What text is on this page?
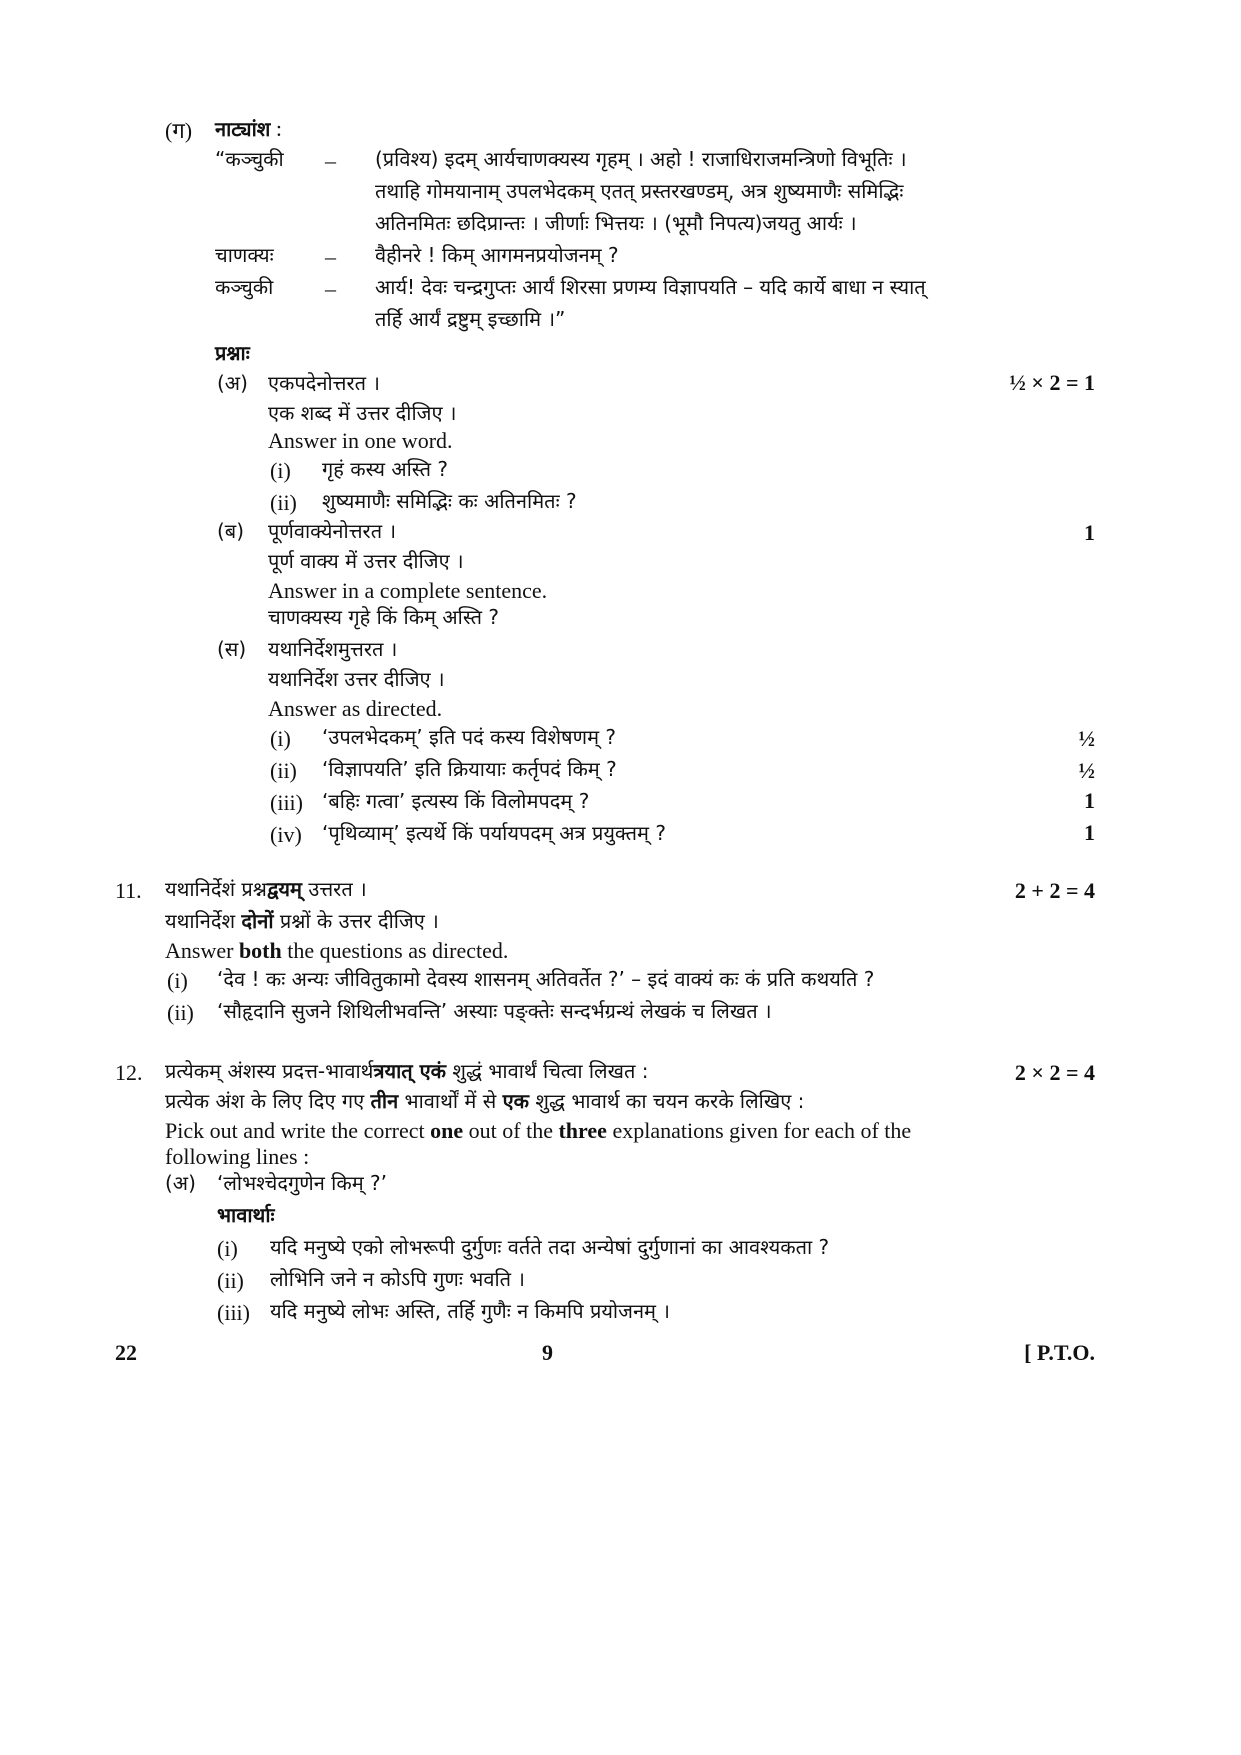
(ग) नाट्यांश :
“कञ्चुकी – (प्रविश्य) इदम् आर्यचाणक्यस्य गृहम् । अहो ! राजाधिराजमन्त्रिणो विभूतिः ।
तथाहि गोमयानाम् उपलभेदकम् एतत् प्रस्तरखण्डम्, अत्र शुष्यमाणैः समिद्भिः
अतिनमितः छदिप्रान्तः । जीर्णाः भित्तयः । (भूमौ निपत्य)जयतु आर्यः ।
चाणक्यः – वैहीनरे ! किम् आगमनप्रयोजनम् ?
कञ्चुकी – आर्य! देवः चन्द्रगुप्तः आर्यं शिरसा प्रणम्य विज्ञापयति – यदि कार्ये बाधा न स्यात्
तर्हि आर्यं द्रष्टुम् इच्छामि ।”
प्रश्नाः
(अ) एकपदेनोत्तरत ।	½ × 2 = 1
एक शब्द में उत्तर दीजिए ।
Answer in one word.
(i) गृहं कस्य अस्ति ?
(ii) शुष्यमाणैः समिद्भिः कः अतिनमितः ?
(ब) पूर्णवाक्येनोत्तरत ।	1
पूर्ण वाक्य में उत्तर दीजिए ।
Answer in a complete sentence.
चाणक्यस्य गृहे किं किम् अस्ति ?
(स) यथानिर्देशमुत्तरत ।
यथानिर्देश उत्तर दीजिए ।
Answer as directed.
(i) ‘उपलभेदकम्’ इति पदं कस्य विशेषणम् ?	½
(ii) ‘विज्ञापयति’ इति क्रियायाः कर्तृपदं किम् ?	½
(iii) ‘बहिः गत्वा’ इत्यस्य किं विलोमपदम् ?	1
(iv) ‘पृथिव्याम्’ इत्यर्थे किं पर्यायपदम् अत्र प्रयुक्तम् ?	1
11. यथानिर्देशं प्रश्नद्वयम् उत्तरत ।	2 + 2 = 4
यथानिर्देश दोनों प्रश्नों के उत्तर दीजिए ।
Answer both the questions as directed.
(i) ‘देव ! कः अन्यः जीवितुकामो देवस्य शासनम् अतिवर्तेत ?’ – इदं वाक्यं कः कं प्रति कथयति ?
(ii) ‘सौहृदानि सुजने शिथिलीभवन्ति’ अस्याः पङ्क्तेः सन्दर्भग्रन्थं लेखकं च लिखत ।
12. प्रत्येकम् अंशस्य प्रदत्त-भावार्थत्रयात् एकं शुद्धं भावार्थं चित्वा लिखत :	2 × 2 = 4
प्रत्येक अंश के लिए दिए गए तीन भावार्थों में से एक शुद्ध भावार्थ का चयन करके लिखिए :
Pick out and write the correct one out of the three explanations given for each of the
following lines :
(अ) ‘लोभश्चेदगुणेन किम् ?’
भावार्थाः
(i) यदि मनुष्ये एको लोभरूपी दुर्गुणः वर्तते तदा अन्येषां दुर्गुणानां का आवश्यकता ?
(ii) लोभिनि जने न कोऽपि गुणः भवति ।
(iii) यदि मनुष्ये लोभः अस्ति, तर्हि गुणैः न किमपि प्रयोजनम् ।
22	9	[ P.T.O.
